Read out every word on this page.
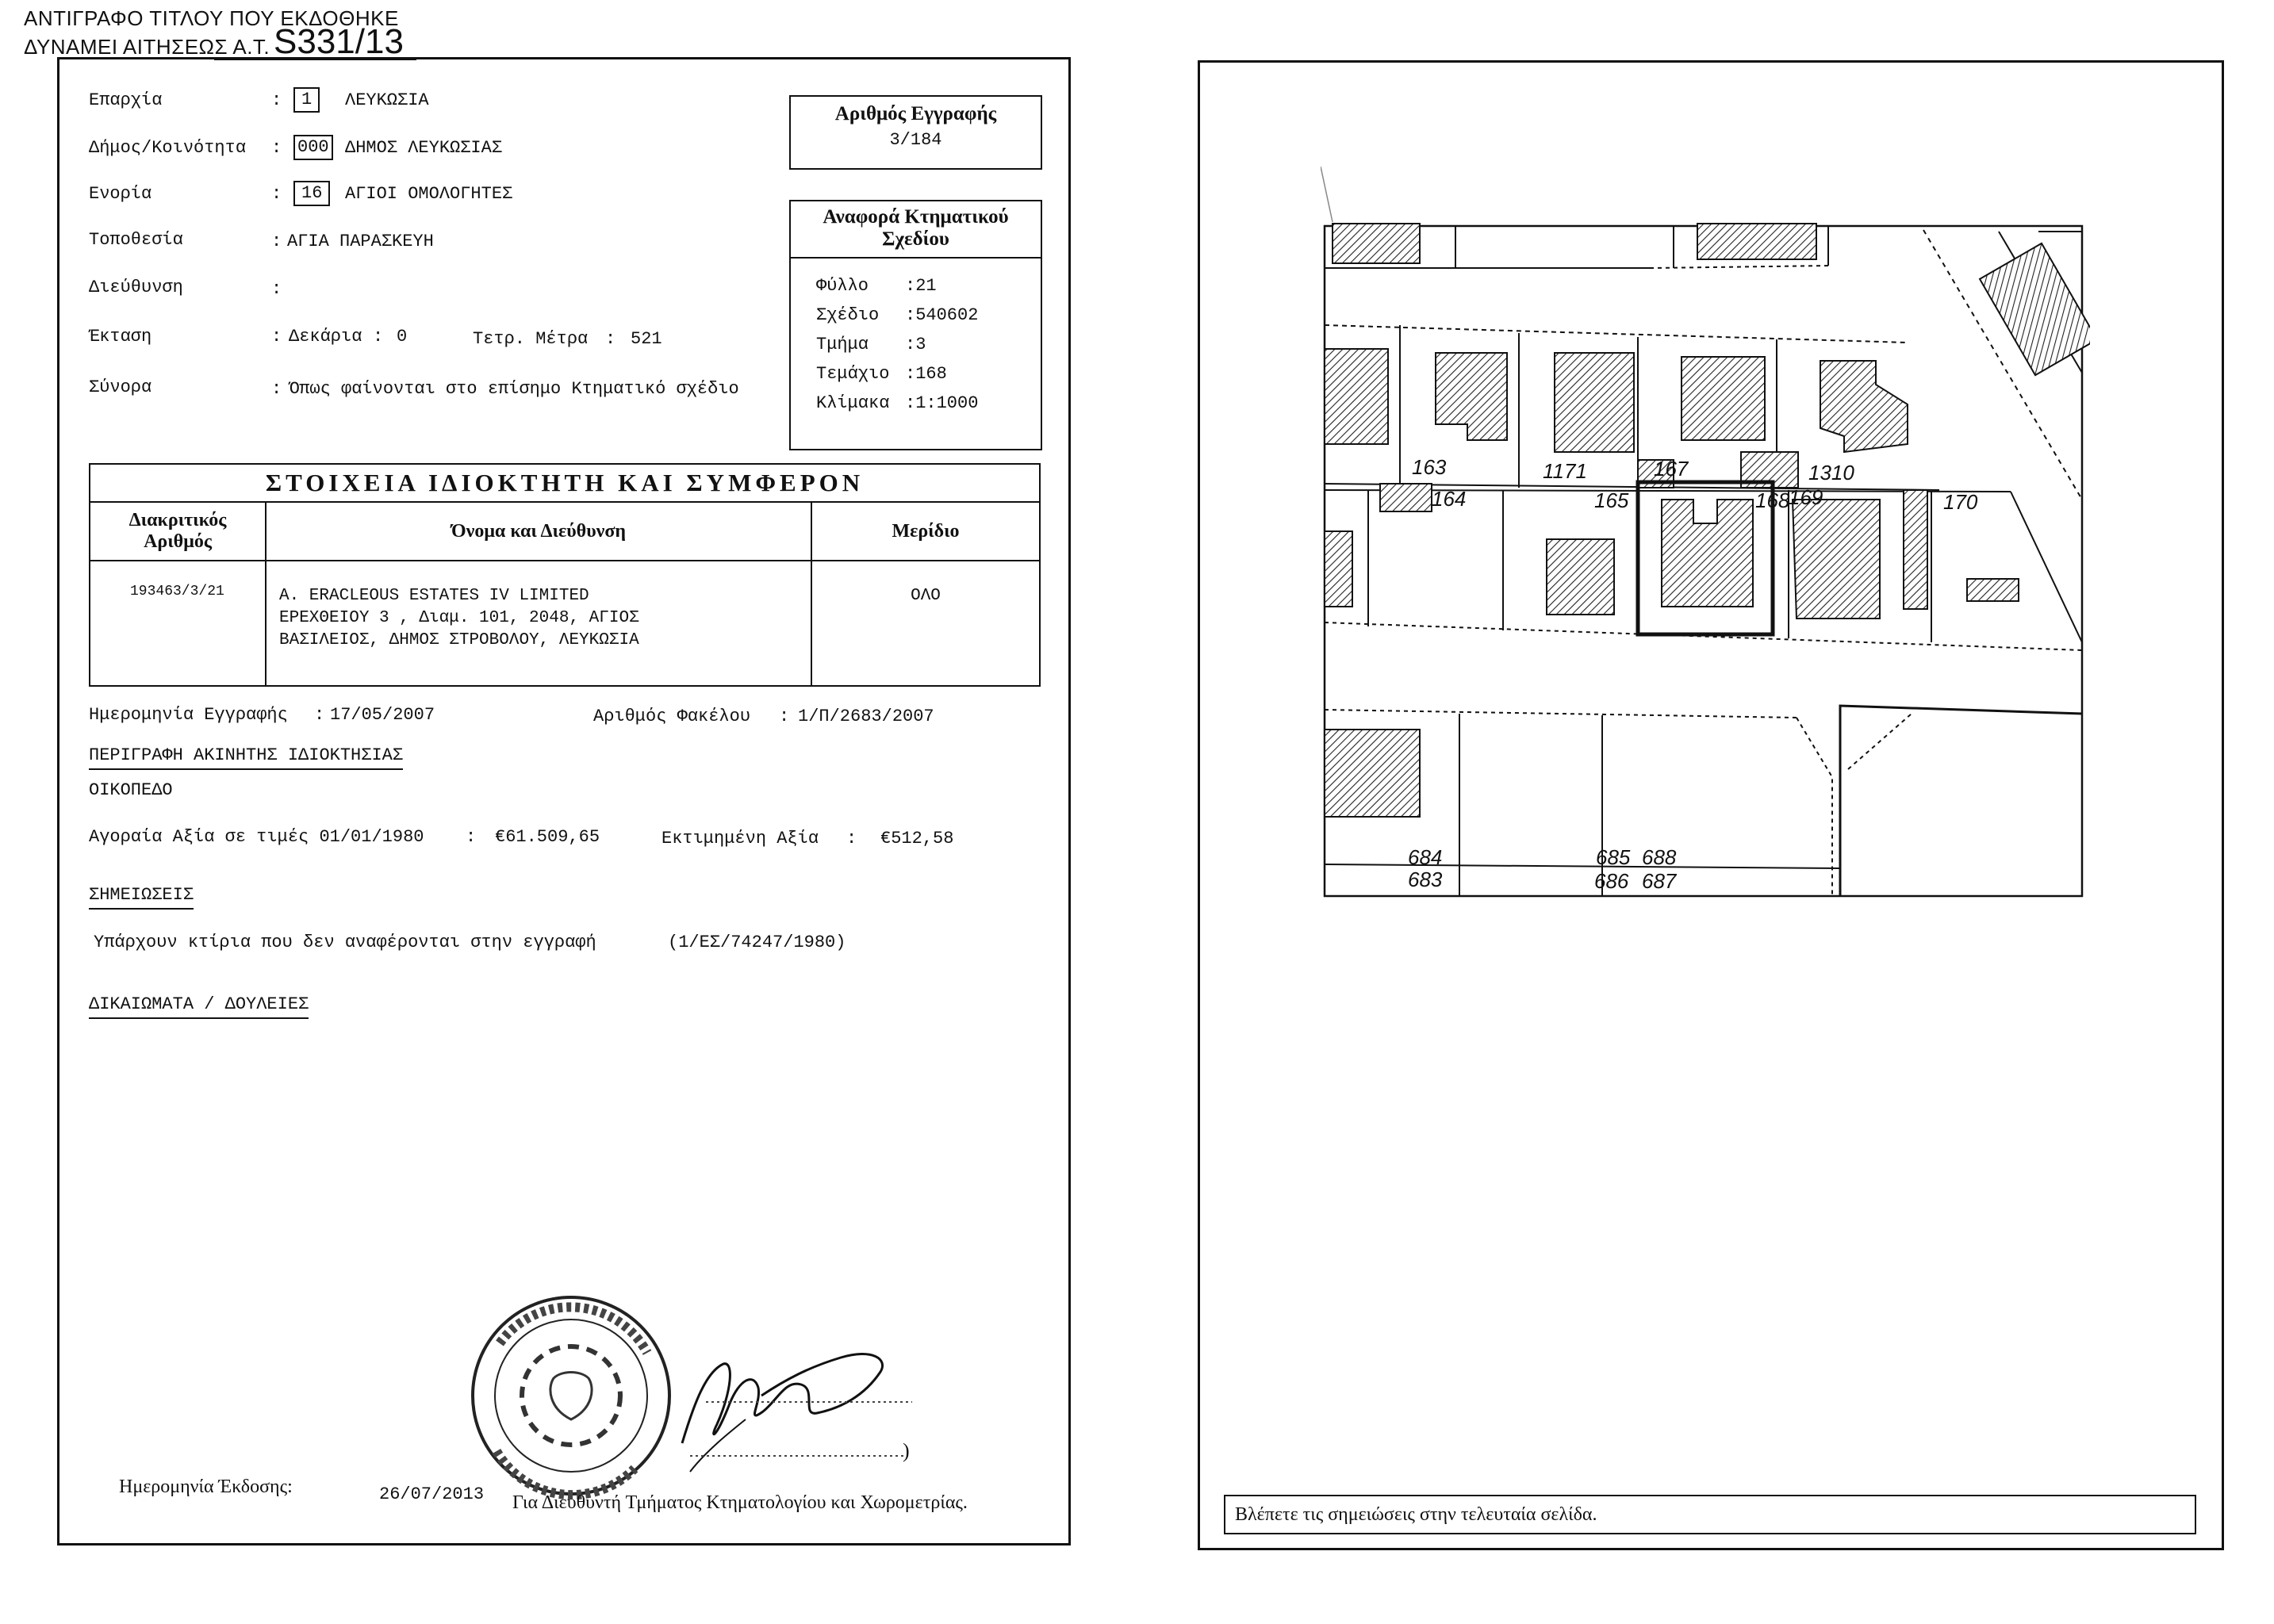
ΑΝΤΙΓΡΑΦΟ ΤΙΤΛΟΥ ΠΟΥ ΕΚΔΟΘΗΚΕ
ΔΥΝΑΜΕΙ ΑΙΤΗΣΕΩΣ Α.Τ. S331/13
Επαρχία	:	1	ΛΕΥΚΩΣΙΑ
Δήμος/Κοινότητα : 000 ΔΗΜΟΣ ΛΕΥΚΩΣΙΑΣ
Ενορία	:	16	ΑΓΙΟΙ ΟΜΟΛΟΓΗΤΕΣ
Τοποθεσία	: ΑΓΙΑ ΠΑΡΑΣΚΕΥΗ
Διεύθυνση	:
Έκταση	: Δεκάρια : 0	Τετρ. Μέτρα : 521
Σύνορα	: Όπως φαίνονται στο επίσημο Κτηματικό σχέδιο
Αριθμός Εγγραφής
3/184
Αναφορά Κτηματικού
Σχεδίου
Φύλλο	: 21
Σχέδιο	: 540602
Τμήμα	: 3
Τεμάχιο : 168
Κλίμακα : 1:1000
ΣΤΟΙΧΕΙΑ ΙΔΙΟΚΤΗΤΗ ΚΑΙ ΣΥΜΦΕΡΟΝ		

Διακριτικός
Αριθμός	Όνομα και Διεύθυνση	Μερίδιο
193463/3/21	A. ERACLEOUS ESTATES IV LIMITED
ΕΡΕΧΘΕΙΟΥ 3 , Διαμ. 101, 2048, ΑΓΙΟΣ
ΒΑΣΙΛΕΙΟΣ, ΔΗΜΟΣ ΣΤΡΟΒΟΛΟΥ, ΛΕΥΚΩΣΙΑ	ΟΛΟ
Ημερομηνία Εγγραφής : 17/05/2007	Αριθμός Φακέλου : 1/Π/2683/2007
ΠΕΡΙΓΡΑΦΗ ΑΚΙΝΗΤΗΣ ΙΔΙΟΚΤΗΣΙΑΣ
ΟΙΚΟΠΕΔΟ
Αγοραία Αξία σε τιμές 01/01/1980 : €61.509,65	Εκτιμημένη Αξία : €512,58
ΣΗΜΕΙΩΣΕΙΣ
Υπάρχουν κτίρια που δεν αναφέρονται στην εγγραφή	(1/ΕΣ/74247/1980)
ΔΙΚΑΙΩΜΑΤΑ / ΔΟΥΛΕΙΕΣ
)
Ημερομηνία Έκδοσης:	26/07/2013 Για Διευθυντή Τμήματος Κτηματολογίου και Χωρομετρίας.
163	1171	167	1310
164	165	168
169	170
684	685 688
683	686 687
Βλέπετε τις σημειώσεις στην τελευταία σελίδα.
